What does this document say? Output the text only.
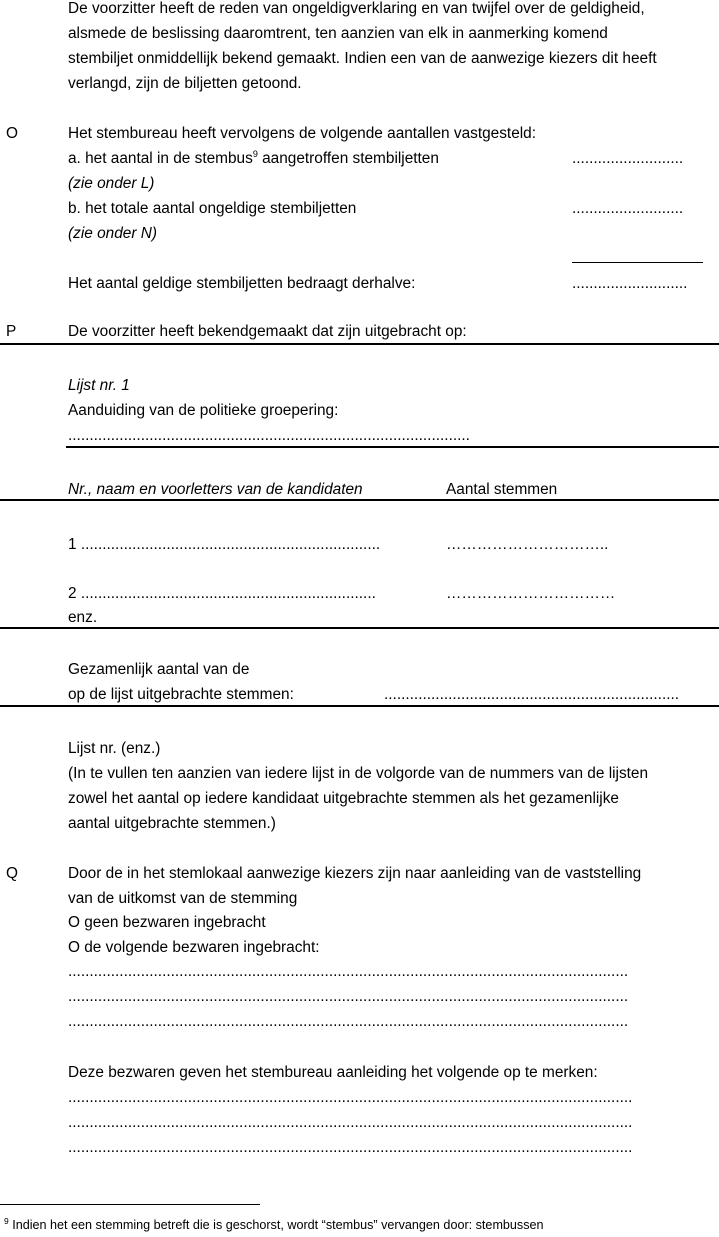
De voorzitter heeft de reden van ongeldigverklaring en van twijfel over de geldigheid,
alsmede de beslissing daaromtrent, ten aanzien van elk in aanmerking komend
stembiljet onmiddellijk bekend gemaakt. Indien een van de aanwezige kiezers dit heeft
verlangd, zijn de biljetten getoond.
O	Het stembureau heeft vervolgens de volgende aantallen vastgesteld:
a. het aantal in de stembus$^9$ aangetroffen stembiljetten	..........................
(zie onder L)
b. het totale aantal ongeldige stembiljetten	..........................
(zie onder N)
Het aantal geldige stembiljetten bedraagt derhalve:	...........................
P	De voorzitter heeft bekendgemaakt dat zijn uitgebracht op:
Lijst nr. 1
Aanduiding van de politieke groepering:
..............................................................................................
Nr., naam en voorletters van de kandidaten	Aantal stemmen
1 ......................................................................	…………………………..
2 .....................................................................	……………………………
enz.
Gezamenlijk aantal van de
op de lijst uitgebrachte stemmen:	.....................................................................
Lijst nr. (enz.)
(In te vullen ten aanzien van iedere lijst in de volgorde van de nummers van de lijsten
zowel het aantal op iedere kandidaat uitgebrachte stemmen als het gezamenlijke
aantal uitgebrachte stemmen.)
Q	Door de in het stemlokaal aanwezige kiezers zijn naar aanleiding van de vaststelling
van de uitkomst van de stemming
O geen bezwaren ingebracht
O de volgende bezwaren ingebracht:
...................................................................................................................................
...................................................................................................................................
...................................................................................................................................
Deze bezwaren geven het stembureau aanleiding het volgende op te merken:
....................................................................................................................................
....................................................................................................................................
....................................................................................................................................
$^9$ Indien het een stemming betreft die is geschorst, wordt “stembus” vervangen door: stembussen
